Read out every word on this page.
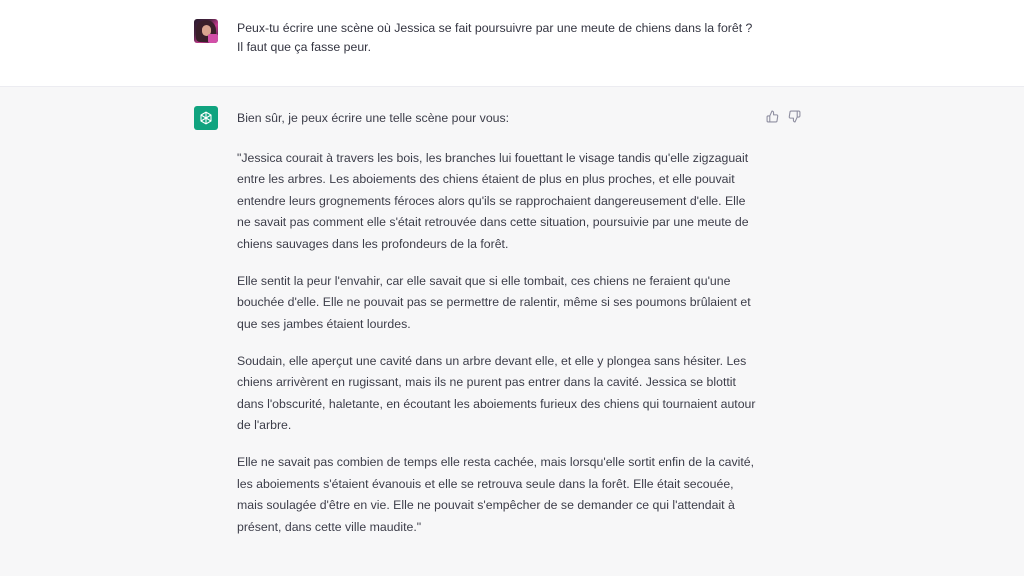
Peux-tu écrire une scène où Jessica se fait poursuivre par une meute de chiens dans la forêt ? Il faut que ça fasse peur.

Bien sûr, je peux écrire une telle scène pour vous:

"Jessica courait à travers les bois, les branches lui fouettant le visage tandis qu'elle zigzaguait entre les arbres. Les aboiements des chiens étaient de plus en plus proches, et elle pouvait entendre leurs grognements féroces alors qu'ils se rapprochaient dangereusement d'elle. Elle ne savait pas comment elle s'était retrouvée dans cette situation, poursuivie par une meute de chiens sauvages dans les profondeurs de la forêt.

Elle sentit la peur l'envahir, car elle savait que si elle tombait, ces chiens ne feraient qu'une bouchée d'elle. Elle ne pouvait pas se permettre de ralentir, même si ses poumons brûlaient et que ses jambes étaient lourdes.

Soudain, elle aperçut une cavité dans un arbre devant elle, et elle y plongea sans hésiter. Les chiens arrivèrent en rugissant, mais ils ne purent pas entrer dans la cavité. Jessica se blottit dans l'obscurité, haletante, en écoutant les aboiements furieux des chiens qui tournaient autour de l'arbre.

Elle ne savait pas combien de temps elle resta cachée, mais lorsqu'elle sortit enfin de la cavité, les aboiements s'étaient évanouis et elle se retrouva seule dans la forêt. Elle était secouée, mais soulagée d'être en vie. Elle ne pouvait s'empêcher de se demander ce qui l'attendait à présent, dans cette ville maudite."
